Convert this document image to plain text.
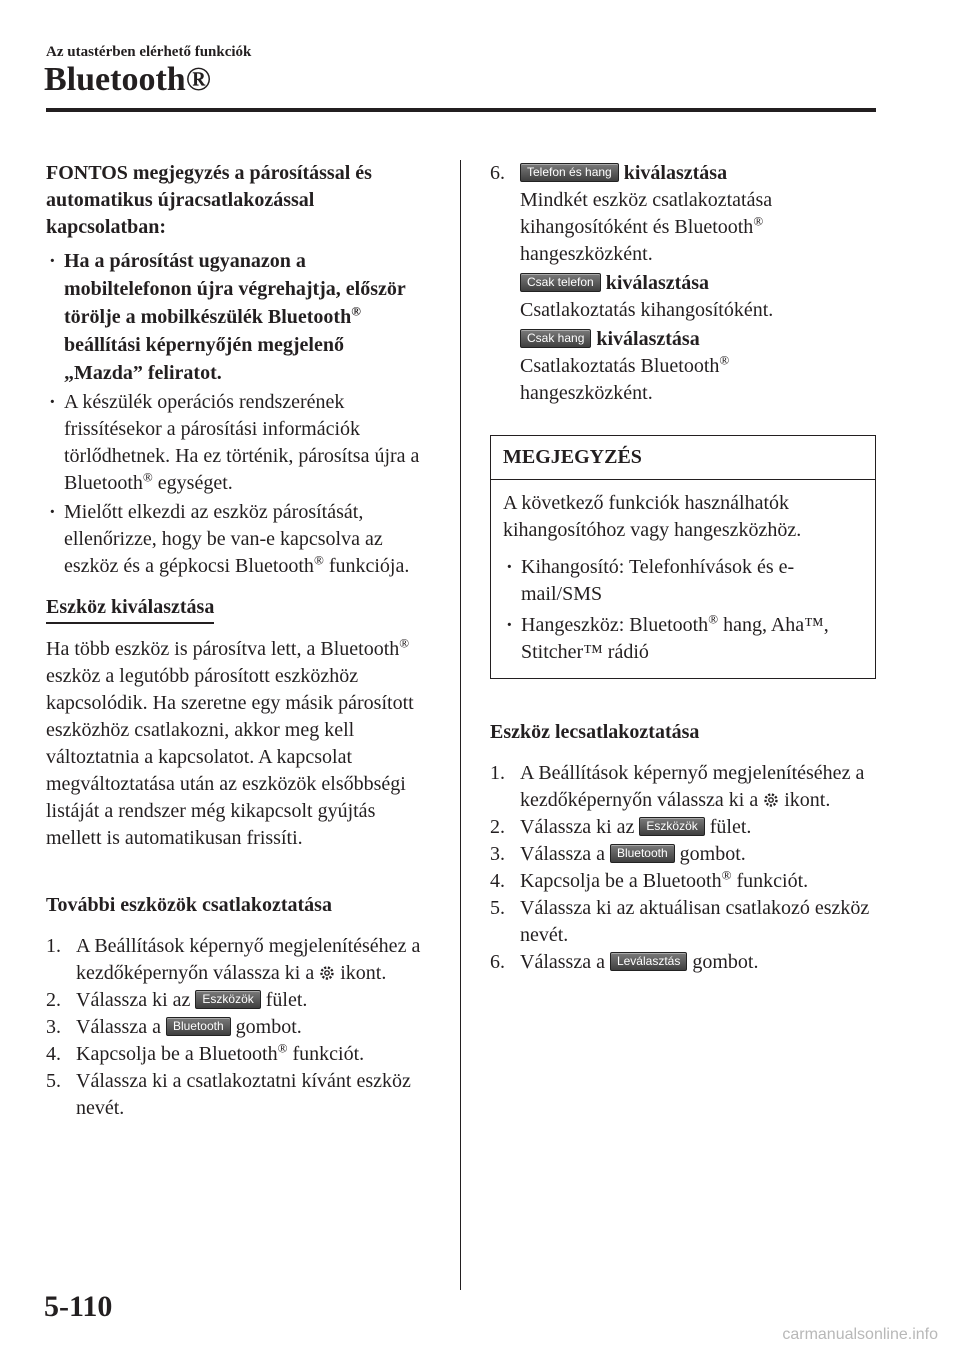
Az utastérben elérhető funkciók
Bluetooth®

FONTOS megjegyzés a párosítással és automatikus újracsatlakozással kapcsolatban:

· Ha a párosítást ugyanazon a mobiltelefonon újra végrehajtja, először törölje a mobilkészülék Bluetooth® beállítási képernyőjén megjelenő „Mazda” feliratot.
· A készülék operációs rendszerének frissítésekor a párosítási információk törlődhetnek. Ha ez történik, párosítsa újra a Bluetooth® egységet.
· Mielőtt elkezdi az eszköz párosítását, ellenőrizze, hogy be van-e kapcsolva az eszköz és a gépkocsi Bluetooth® funkciója.
Eszköz kiválasztása

Ha több eszköz is párosítva lett, a Bluetooth® eszköz a legutóbb párosított eszközhöz kapcsolódik. Ha szeretne egy másik párosított eszközhöz csatlakozni, akkor meg kell változtatnia a kapcsolatot. A kapcsolat megváltoztatása után az eszközök elsőbbségi listáját a rendszer még kikapcsolt gyújtás mellett is automatikusan frissíti.

További eszközök csatlakoztatása
1. A Beállítások képernyő megjelenítéséhez a kezdőképernyőn válassza ki a ikont.
2. Válassza ki az Eszközök fület.
3. Válassza a Bluetooth gombot.
4. Kapcsolja be a Bluetooth® funkciót.
5. Válassza ki a csatlakoztatni kívánt eszköz nevét.
6. Telefon és hang kiválasztása
Mindkét eszköz csatlakoztatása kihangosítóként és Bluetooth®
hangeszközként.
Csak telefon kiválasztása
Csatlakoztatás kihangosítóként.
Csak hang kiválasztása
Csatlakoztatás Bluetooth®
hangeszközként.
MEGJEGYZÉS

A következő funkciók használhatók kihangosítóhoz vagy hangeszközhöz.

· Kihangosító: Telefonhívások és e-mail/SMS
· Hangeszköz: Bluetooth® hang, Aha™, Stitcher™ rádió
Eszköz lecsatlakoztatása
1. A Beállítások képernyő megjelenítéséhez a kezdőképernyőn válassza ki a ikont.
2. Válassza ki az Eszközök fület.
3. Válassza a Bluetooth gombot.
4. Kapcsolja be a Bluetooth® funkciót.
5. Válassza ki az aktuálisan csatlakozó eszköz nevét.
6. Válassza a Leválasztás gombot.
5-110
carmanualsonline.info
